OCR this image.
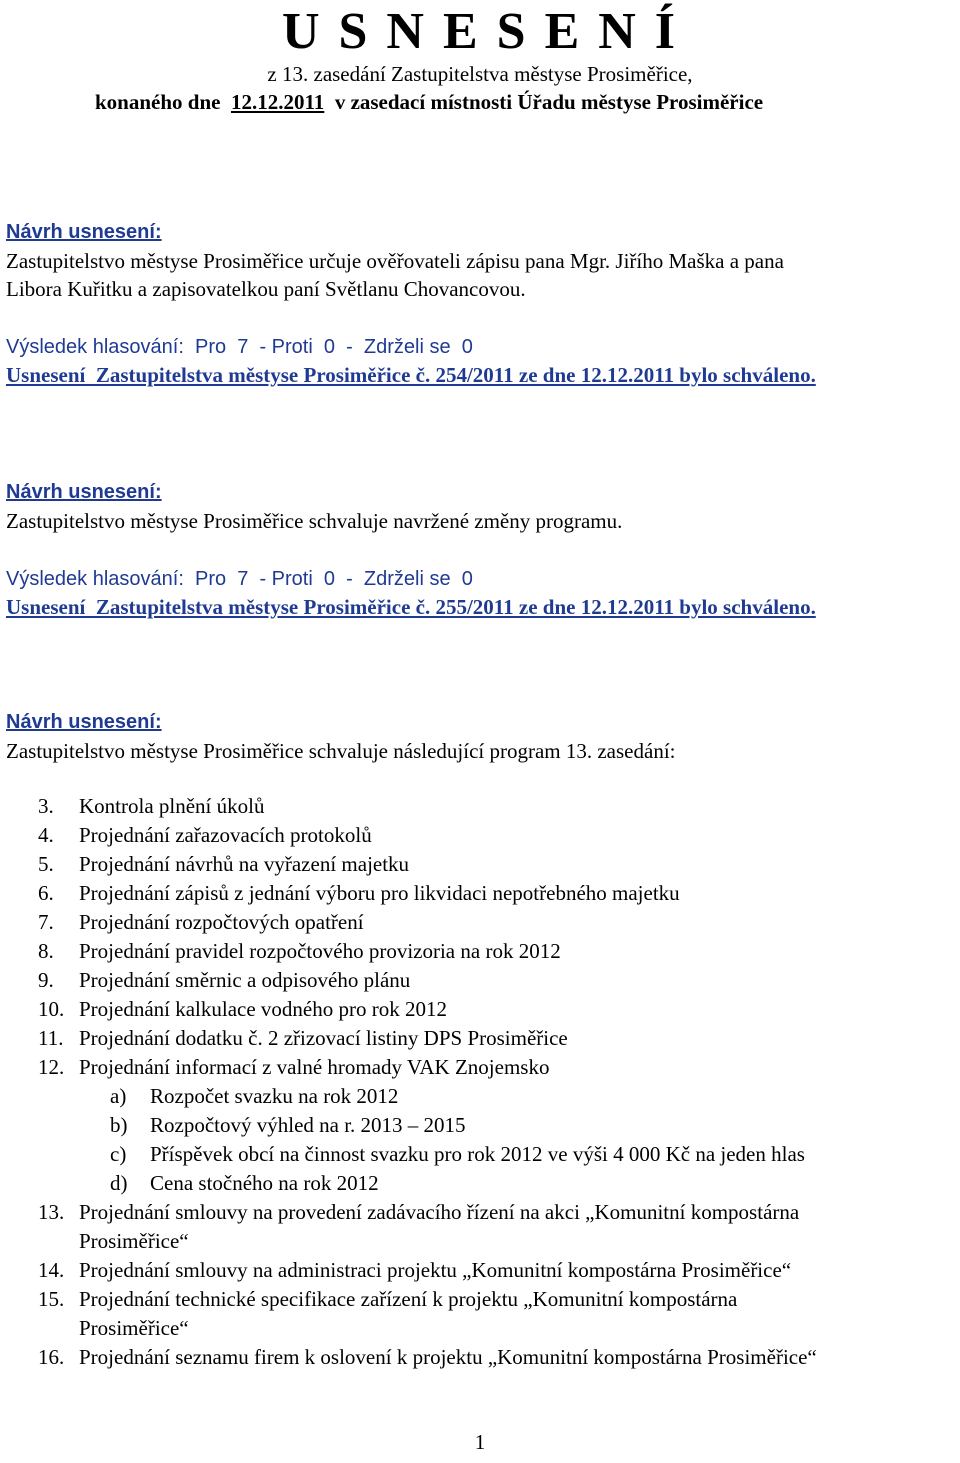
U S N E S E N Í
z 13. zasedání Zastupitelstva městyse Prosiměřice,
konaného dne  12.12.2011  v zasedací místnosti Úřadu městyse Prosiměřice
Návrh usnesení:
Zastupitelstvo městyse Prosiměřice určuje ověřovateli zápisu pana Mgr. Jiřího Maška a pana
Libora Kuřitku a zapisovatelkou paní Světlanu Chovancovou.
Výsledek hlasování:  Pro  7  - Proti  0  -  Zdrželi se  0
Usnesení  Zastupitelstva městyse Prosiměřice č. 254/2011 ze dne 12.12.2011 bylo schváleno.
Návrh usnesení:
Zastupitelstvo městyse Prosiměřice schvaluje navržené změny programu.
Výsledek hlasování:  Pro  7  - Proti  0  -  Zdrželi se  0
Usnesení  Zastupitelstva městyse Prosiměřice č. 255/2011 ze dne 12.12.2011 bylo schváleno.
Návrh usnesení:
Zastupitelstvo městyse Prosiměřice schvaluje následující program 13. zasedání:
3.	Kontrola plnění úkolů
4.	Projednání zařazovacích protokolů
5.	Projednání návrhů na vyřazení majetku
6.	Projednání zápisů z jednání výboru pro likvidaci nepotřebného majetku
7.	Projednání rozpočtových opatření
8.	Projednání pravidel rozpočtového provizoria na rok 2012
9.	Projednání směrnic a odpisového plánu
10. Projednání kalkulace vodného pro rok 2012
11. Projednání dodatku č. 2 zřizovací listiny DPS Prosiměřice
12. Projednání informací z valné hromady VAK Znojemsko
a)	Rozpočet svazku na rok 2012
b)	Rozpočtový výhled na r. 2013 – 2015
c)	Příspěvek obcí na činnost svazku pro rok 2012 ve výši 4 000 Kč na jeden hlas
d)	Cena stočného na rok 2012
13. Projednání smlouvy na provedení zadávacího řízení na akci „Komunitní kompostárna
Prosiměřice“
14. Projednání smlouvy na administraci projektu „Komunitní kompostárna Prosiměřice“
15. Projednání technické specifikace zařízení k projektu „Komunitní kompostárna
Prosiměřice“
16. Projednání seznamu firem k oslovení k projektu „Komunitní kompostárna Prosiměřice“
1
